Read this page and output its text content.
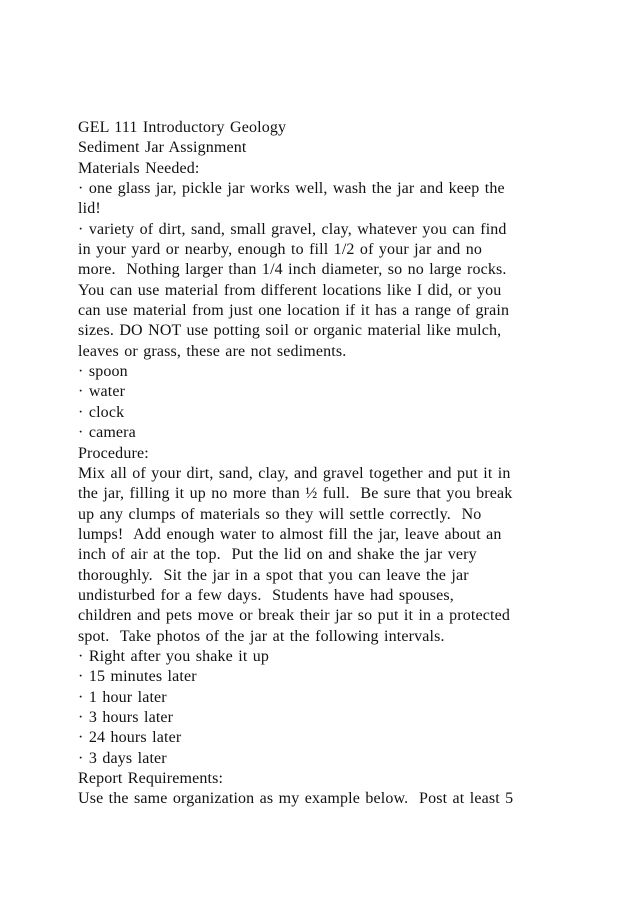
GEL 111 Introductory Geology
Sediment Jar Assignment
Materials Needed:
· one glass jar, pickle jar works well, wash the jar and keep the
lid!
· variety of dirt, sand, small gravel, clay, whatever you can find
in your yard or nearby, enough to fill 1/2 of your jar and no
more.  Nothing larger than 1/4 inch diameter, so no large rocks.
You can use material from different locations like I did, or you
can use material from just one location if it has a range of grain
sizes. DO NOT use potting soil or organic material like mulch,
leaves or grass, these are not sediments.
· spoon
· water
· clock
· camera
Procedure:
Mix all of your dirt, sand, clay, and gravel together and put it in
the jar, filling it up no more than ½ full.  Be sure that you break
up any clumps of materials so they will settle correctly.  No
lumps!  Add enough water to almost fill the jar, leave about an
inch of air at the top.  Put the lid on and shake the jar very
thoroughly.  Sit the jar in a spot that you can leave the jar
undisturbed for a few days.  Students have had spouses,
children and pets move or break their jar so put it in a protected
spot.  Take photos of the jar at the following intervals.
· Right after you shake it up
· 15 minutes later
· 1 hour later
· 3 hours later
· 24 hours later
· 3 days later
Report Requirements:
Use the same organization as my example below.  Post at least 5
